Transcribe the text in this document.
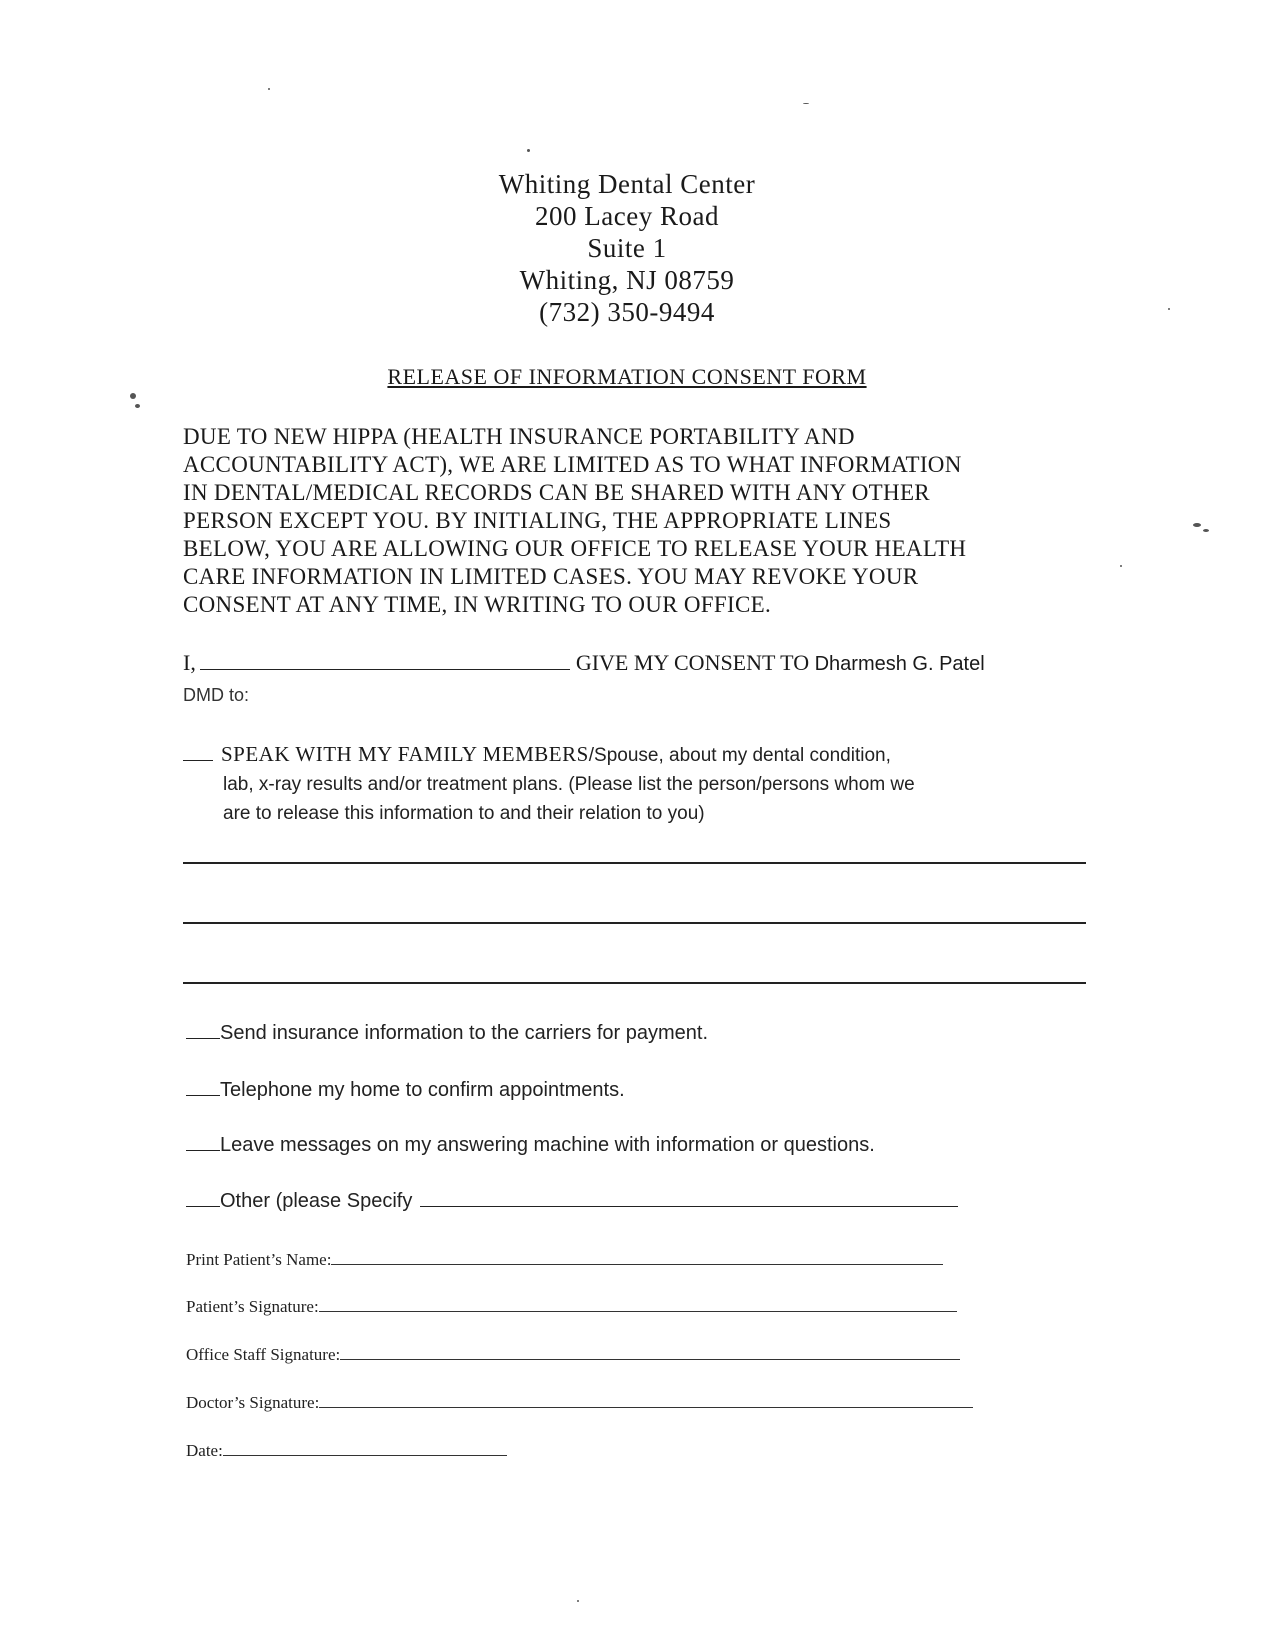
Whiting Dental Center
200 Lacey Road
Suite 1
Whiting, NJ 08759
(732) 350-9494
RELEASE OF INFORMATION CONSENT FORM
DUE TO NEW HIPPA (HEALTH INSURANCE PORTABILITY AND
ACCOUNTABILITY ACT), WE ARE LIMITED AS TO WHAT INFORMATION
IN DENTAL/MEDICAL RECORDS CAN BE SHARED WITH ANY OTHER
PERSON EXCEPT YOU. BY INITIALING, THE APPROPRIATE LINES
BELOW, YOU ARE ALLOWING OUR OFFICE TO RELEASE YOUR HEALTH
CARE INFORMATION IN LIMITED CASES. YOU MAY REVOKE YOUR
CONSENT AT ANY TIME, IN WRITING TO OUR OFFICE.
I,	GIVE MY CONSENT TO Dharmesh G. Patel
DMD to:
SPEAK WITH MY FAMILY MEMBERS/Spouse, about my dental condition,
lab, x-ray results and/or treatment plans. (Please list the person/persons whom we
are to release this information to and their relation to you)
Send insurance information to the carriers for payment.
Telephone my home to confirm appointments.
Leave messages on my answering machine with information or questions.
Other (please Specify
Print Patient’s Name:
Patient’s Signature:
Office Staff Signature:
Doctor’s Signature:
Date:
